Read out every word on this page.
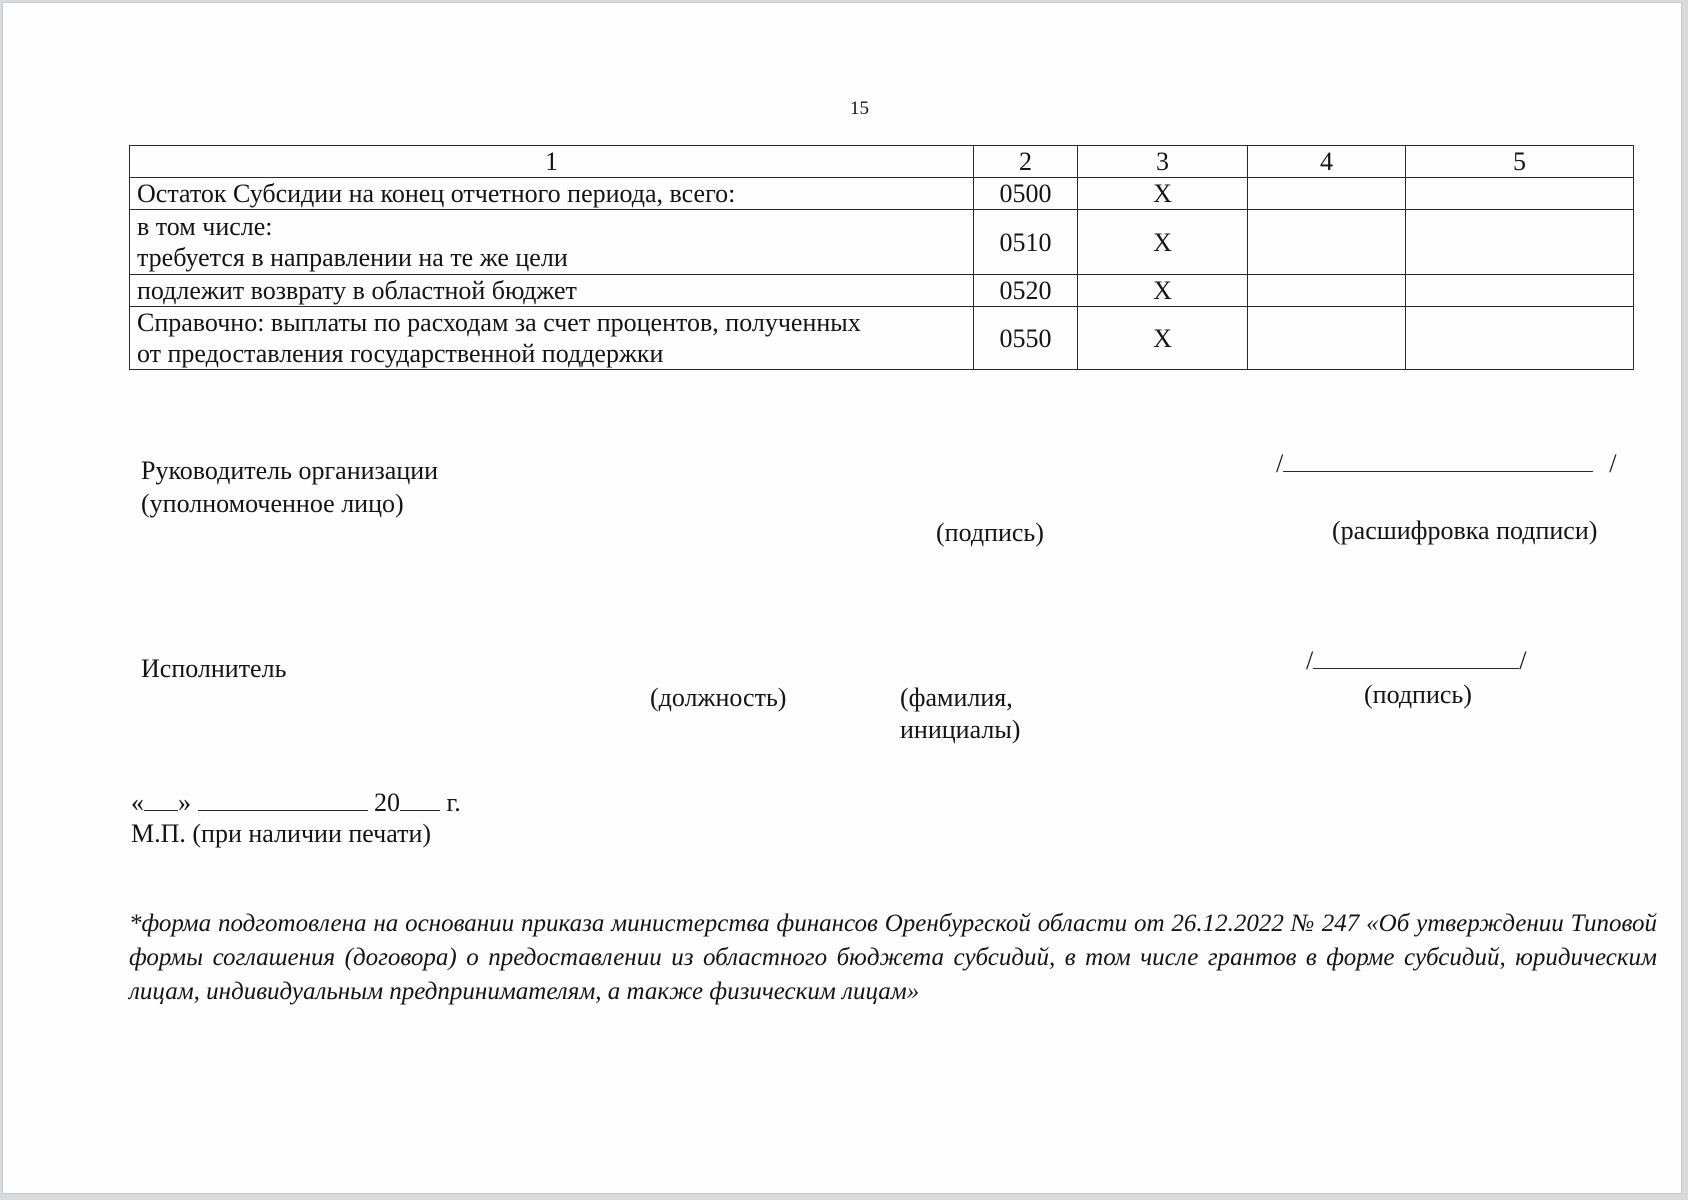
15
1	2	3	4	5
Остаток Субсидии на конец отчетного периода, всего:	0500	X		

в том числе:
требуется в направлении на те же цели	0510	X		
подлежит возврату в областной бюджет	0520	X		

Справочно: выплаты по расходам за счет процентов, полученных
от предоставления государственной поддержки	0550	X		
Руководитель организации
(уполномоченное лицо)
/	/
(подпись)	(расшифровка подписи)
Исполнитель	/	/
(должность)	(фамилия,
инициалы)
(подпись)
« »	20 г.
М.П. (при наличии печати)
*форма подготовлена на основании приказа министерства финансов Оренбургской области от 26.12.2022 № 247 «Об утверждении Типовой формы соглашения (договора) о предоставлении из областного бюджета субсидий, в том числе грантов в форме субсидий, юридическим лицам, индивидуальным предпринимателям, а также физическим лицам»
